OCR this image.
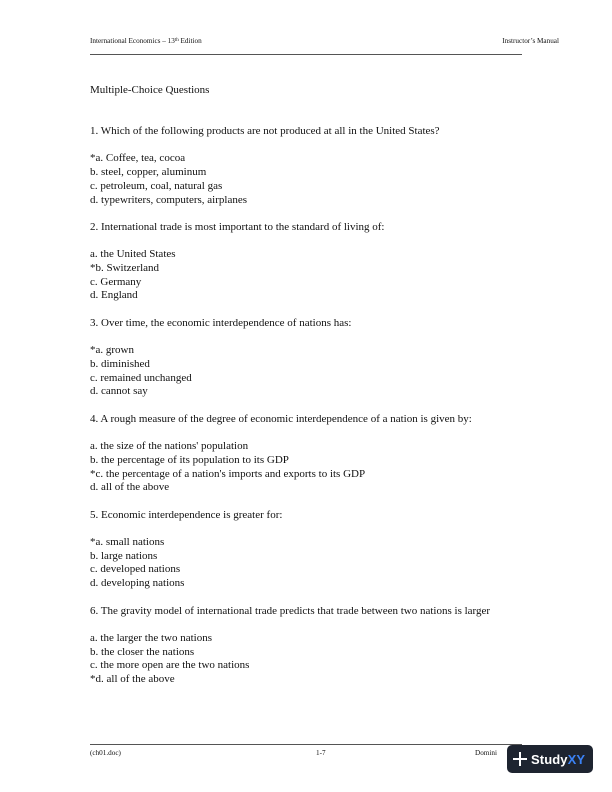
International Economics – 13th Edition	Instructor’s Manual

Multiple-Choice Questions

1. Which of the following products are not produced at all in the United States?
*a. Coffee, tea, cocoa
b. steel, copper, aluminum
c. petroleum, coal, natural gas
d. typewriters, computers, airplanes
2. International trade is most important to the standard of living of:
a. the United States
*b. Switzerland
c. Germany
d. England
3. Over time, the economic interdependence of nations has:
*a. grown
b. diminished
c. remained unchanged
d. cannot say
4. A rough measure of the degree of economic interdependence of a nation is given by:
a. the size of the nations' population
b. the percentage of its population to its GDP
*c. the percentage of a nation's imports and exports to its GDP
d. all of the above
5. Economic interdependence is greater for:
*a. small nations
b. large nations
c. developed nations
d. developing nations
6. The gravity model of international trade predicts that trade between two nations is larger
a. the larger the two nations
b. the closer the nations
c. the more open are the two nations
*d. all of the above
(ch01.doc)	1-7	Domini	StudyXY
